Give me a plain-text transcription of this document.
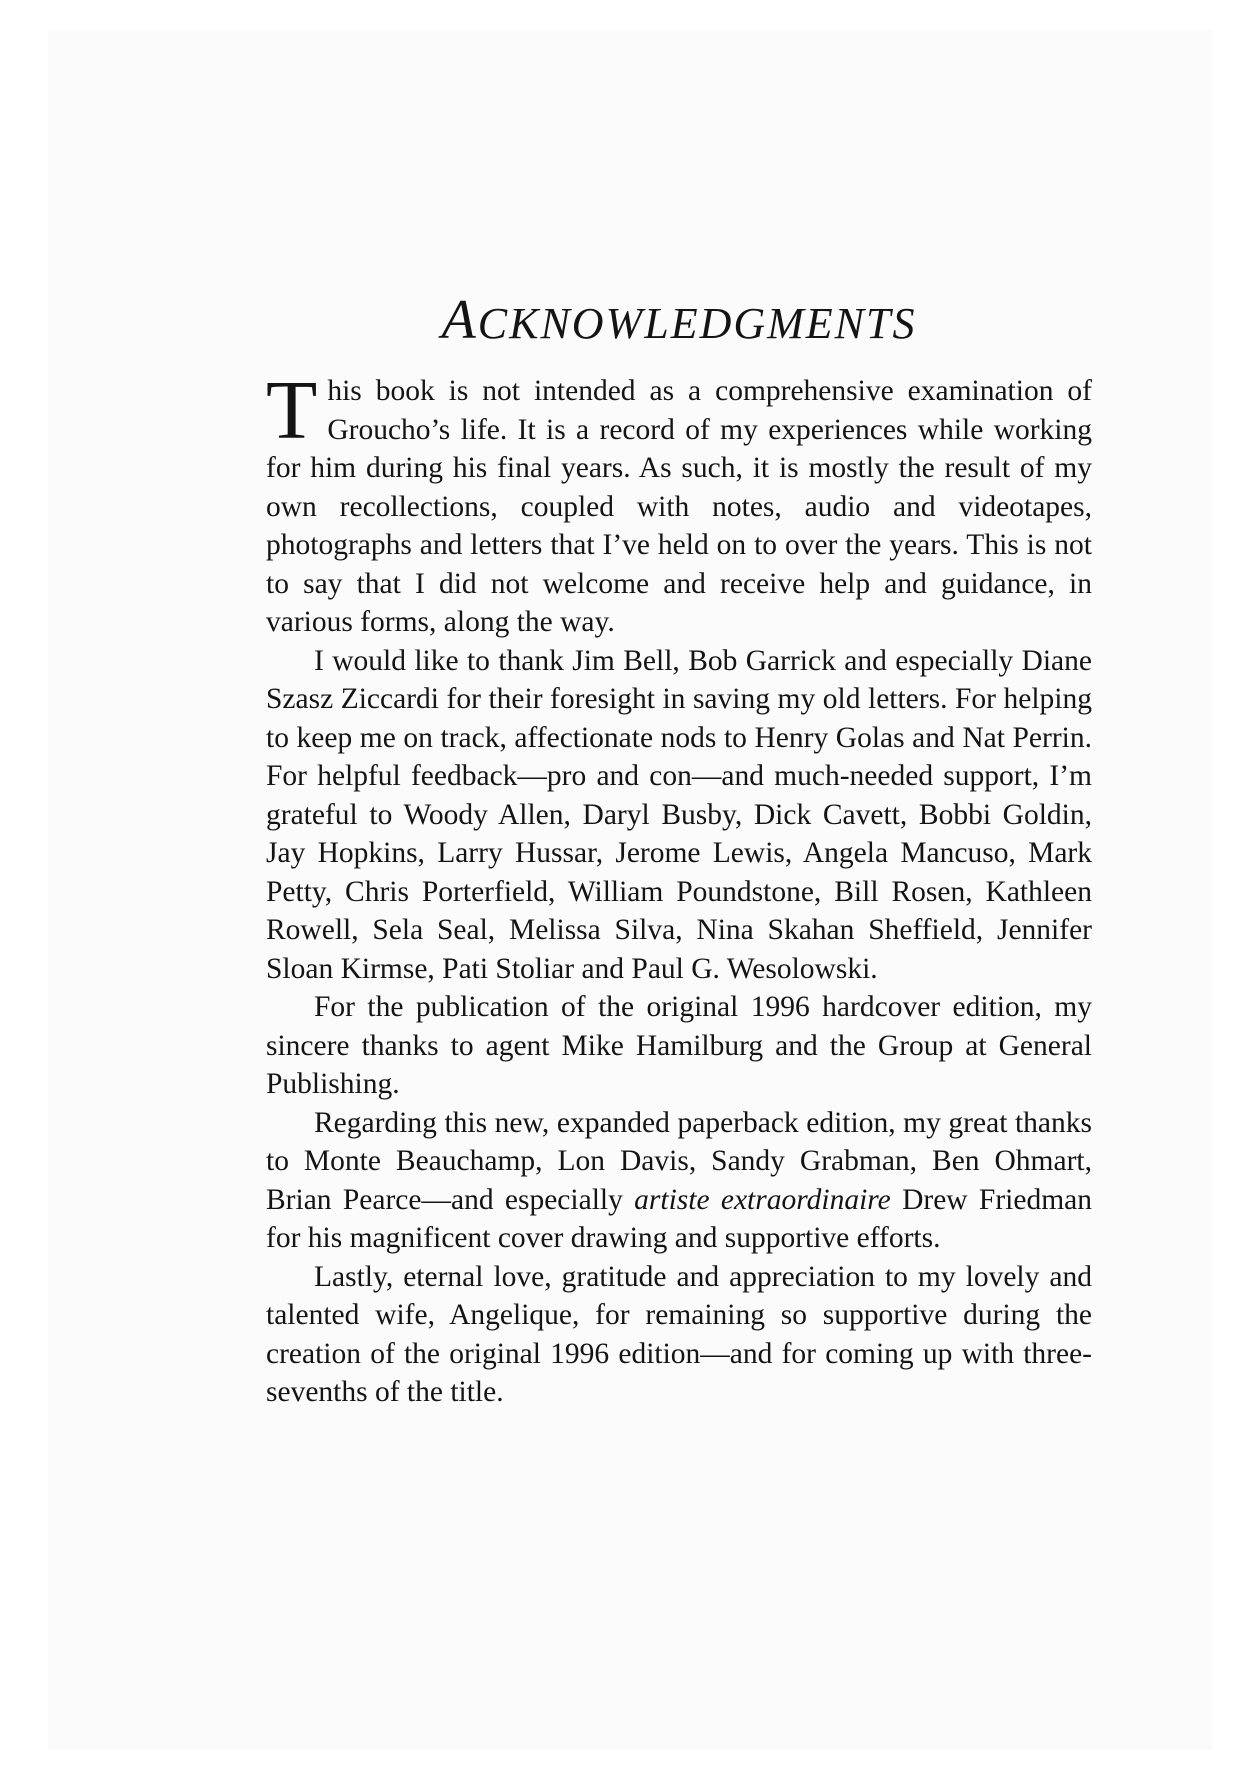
ACKNOWLEDGMENTS

This book is not intended as a comprehensive examination of Groucho’s life. It is a record of my experiences while working for him during his final years. As such, it is mostly the result of my own recollections, coupled with notes, audio and videotapes, photographs and letters that I’ve held on to over the years. This is not to say that I did not welcome and receive help and guidance, in various forms, along the way.

I would like to thank Jim Bell, Bob Garrick and especially Diane Szasz Ziccardi for their foresight in saving my old letters. For helping to keep me on track, affectionate nods to Henry Golas and Nat Perrin. For helpful feedback—pro and con—and much-needed support, I’m grateful to Woody Allen, Daryl Busby, Dick Cavett, Bobbi Goldin, Jay Hopkins, Larry Hussar, Jerome Lewis, Angela Mancuso, Mark Petty, Chris Porterfield, William Poundstone, Bill Rosen, Kathleen Rowell, Sela Seal, Melissa Silva, Nina Skahan Sheffield, Jennifer Sloan Kirmse, Pati Stoliar and Paul G. Wesolowski.

For the publication of the original 1996 hardcover edition, my sincere thanks to agent Mike Hamilburg and the Group at General Publishing.

Regarding this new, expanded paperback edition, my great thanks to Monte Beauchamp, Lon Davis, Sandy Grabman, Ben Ohmart, Brian Pearce—and especially artiste extraordinaire Drew Friedman for his magnificent cover drawing and supportive efforts.

Lastly, eternal love, gratitude and appreciation to my lovely and talented wife, Angelique, for remaining so supportive during the creation of the original 1996 edition—and for coming up with three-sevenths of the title.
